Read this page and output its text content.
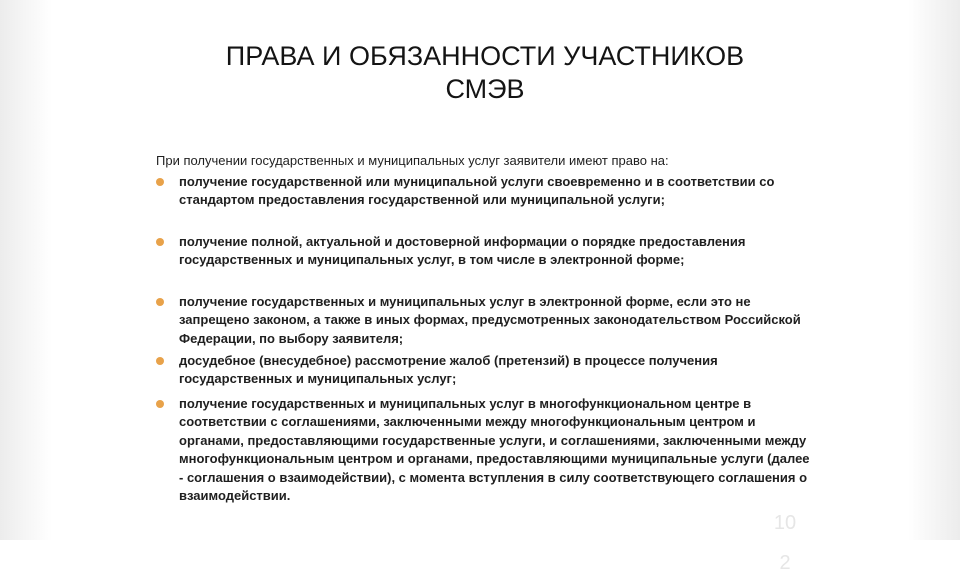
ПРАВА И ОБЯЗАННОСТИ УЧАСТНИКОВ
СМЭВ
При получении государственных и муниципальных услуг заявители имеют право на:
получение государственной или муниципальной услуги своевременно и в соответствии со стандартом предоставления государственной или муниципальной услуги;
получение полной, актуальной и достоверной информации о порядке предоставления государственных и муниципальных услуг, в том числе в электронной форме;
получение государственных и муниципальных услуг в электронной форме, если это не запрещено законом, а также в иных формах, предусмотренных законодательством Российской Федерации, по выбору заявителя;
досудебное (внесудебное) рассмотрение жалоб (претензий) в процессе получения государственных и муниципальных услуг;
получение государственных и муниципальных услуг в многофункциональном центре в соответствии с соглашениями, заключенными между многофункциональным центром и органами, предоставляющими государственные услуги, и соглашениями, заключенными между многофункциональным центром и органами, предоставляющими муниципальные услуги (далее - соглашения о взаимодействии), с момента вступления в силу соответствующего соглашения о взаимодействии.
102
